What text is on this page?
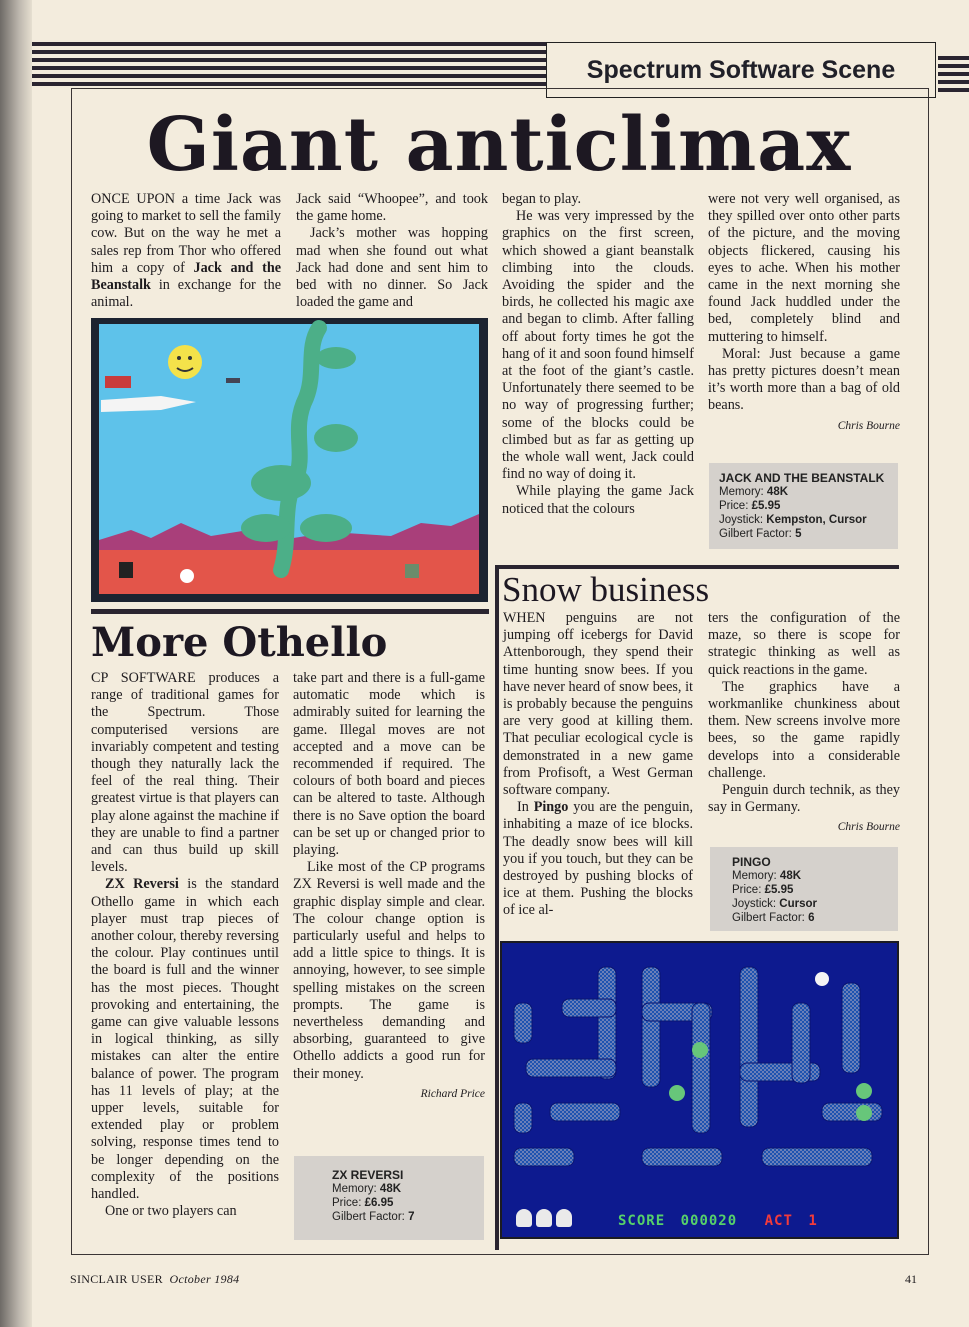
Spectrum Software Scene
Giant anticlimax

ONCE UPON a time Jack was going to market to sell the family cow. But on the way he met a sales rep from Thor who offered him a copy of Jack and the Beanstalk in exchange for the animal.

Jack said “Whoopee”, and took the game home.

Jack’s mother was hopping mad when she found out what Jack had done and sent him to bed with no dinner. So Jack loaded the game and

began to play.

He was very impressed by the graphics on the first screen, which showed a giant beanstalk climbing into the clouds. Avoiding the spider and the birds, he collected his magic axe and began to climb. After falling off about forty times he got the hang of it and soon found himself at the foot of the giant’s castle. Unfortunately there seemed to be no way of progressing further; some of the blocks could be climbed but as far as getting up the whole wall went, Jack could find no way of doing it.

While playing the game Jack noticed that the colours

were not very well organised, as they spilled over onto other parts of the picture, and the moving objects flickered, causing his eyes to ache. When his mother came in the next morning she found Jack huddled under the bed, completely blind and muttering to himself.

Moral: Just because a game has pretty pictures doesn’t mean it’s worth more than a bag of old beans.

Chris Bourne

JACK AND THE BEANSTALK
Memory: 48K
Price: £5.95
Joystick: Kempston, Cursor
Gilbert Factor: 5
More Othello

CP SOFTWARE produces a range of traditional games for the Spectrum. Those computerised versions are invariably competent and testing though they naturally lack the feel of the real thing. Their greatest virtue is that players can play alone against the machine if they are unable to find a partner and can thus build up skill levels.

ZX Reversi is the standard Othello game in which each player must trap pieces of another colour, thereby reversing the colour. Play continues until the board is full and the winner has the most pieces. Thought provoking and entertaining, the game can give valuable lessons in logical thinking, as silly mistakes can alter the entire balance of power. The program has 11 levels of play; at the upper levels, suitable for extended play or problem solving, response times tend to be longer depending on the complexity of the positions handled.

One or two players can

take part and there is a full-game automatic mode which is admirably suited for learning the game. Illegal moves are not accepted and a move can be recommended if required. The colours of both board and pieces can be altered to taste. Although there is no Save option the board can be set up or changed prior to playing.

Like most of the CP programs ZX Reversi is well made and the graphic display simple and clear. The colour change option is particularly useful and helps to add a little spice to things. It is annoying, however, to see simple spelling mistakes on the screen prompts. The game is nevertheless demanding and absorbing, guaranteed to give Othello addicts a good run for their money.

Richard Price

ZX REVERSI
Memory: 48K
Price: £6.95
Gilbert Factor: 7
Snow business

WHEN penguins are not jumping off icebergs for David Attenborough, they spend their time hunting snow bees. If you have never heard of snow bees, it is probably because the penguins are very good at killing them. That peculiar ecological cycle is demonstrated in a new game from Profisoft, a West German software company.

In Pingo you are the penguin, inhabiting a maze of ice blocks. The deadly snow bees will kill you if you touch, but they can be destroyed by pushing blocks of ice at them. Pushing the blocks of ice al-

ters the configuration of the maze, so there is scope for strategic thinking as well as quick reactions in the game.

The graphics have a workmanlike chunkiness about them. New screens involve more bees, so the game rapidly develops into a considerable challenge.

Penguin durch technik, as they say in Germany.

Chris Bourne

PINGO
Memory: 48K
Price: £5.95
Joystick: Cursor
Gilbert Factor: 6
SCORE 000020 ACT 1
SINCLAIR USER October 1984	41
